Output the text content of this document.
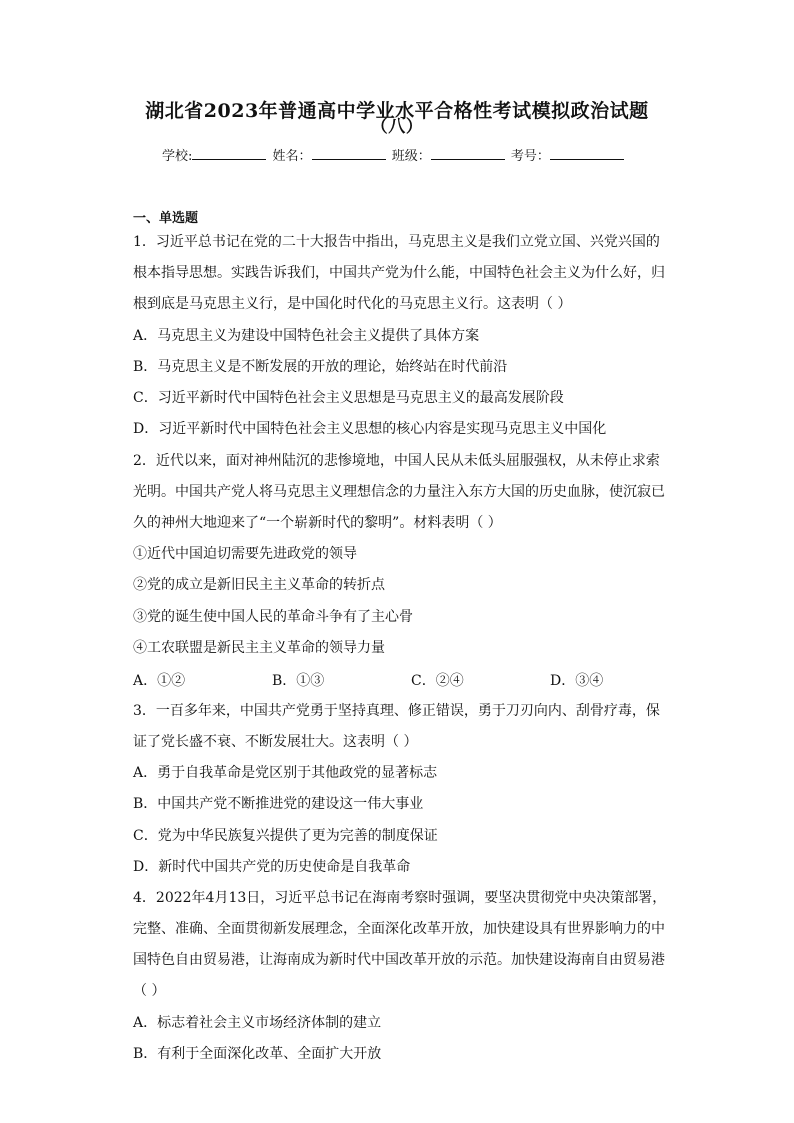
湖北省2023年普通高中学业水平合格性考试模拟政治试题
（八）
学校:	姓名：	班级：	考号：
一、单选题
1．习近平总书记在党的二十大报告中指出，马克思主义是我们立党立国、兴党兴国的
根本指导思想。实践告诉我们，中国共产党为什么能，中国特色社会主义为什么好，归
根到底是马克思主义行，是中国化时代化的马克思主义行。这表明（ ）
A．马克思主义为建设中国特色社会主义提供了具体方案
B．马克思主义是不断发展的开放的理论，始终站在时代前沿
C．习近平新时代中国特色社会主义思想是马克思主义的最高发展阶段
D．习近平新时代中国特色社会主义思想的核心内容是实现马克思主义中国化
2．近代以来，面对神州陆沉的悲惨境地，中国人民从未低头屈服强权，从未停止求索
光明。中国共产党人将马克思主义理想信念的力量注入东方大国的历史血脉，使沉寂已
久的神州大地迎来了“一个崭新时代的黎明”。材料表明（ ）
①近代中国迫切需要先进政党的领导
②党的成立是新旧民主主义革命的转折点
③党的诞生使中国人民的革命斗争有了主心骨
④工农联盟是新民主主义革命的领导力量
A．①②	B．①③	C．②④	D．③④
3．一百多年来，中国共产党勇于坚持真理、修正错误，勇于刀刃向内、刮骨疗毒，保
证了党长盛不衰、不断发展壮大。这表明（ ）
A．勇于自我革命是党区别于其他政党的显著标志
B．中国共产党不断推进党的建设这一伟大事业
C．党为中华民族复兴提供了更为完善的制度保证
D．新时代中国共产党的历史使命是自我革命
4．2022年4月13日，习近平总书记在海南考察时强调，要坚决贯彻党中央决策部署，
完整、准确、全面贯彻新发展理念，全面深化改革开放，加快建设具有世界影响力的中
国特色自由贸易港，让海南成为新时代中国改革开放的示范。加快建设海南自由贸易港
（ ）
A．标志着社会主义市场经济体制的建立
B．有利于全面深化改革、全面扩大开放
